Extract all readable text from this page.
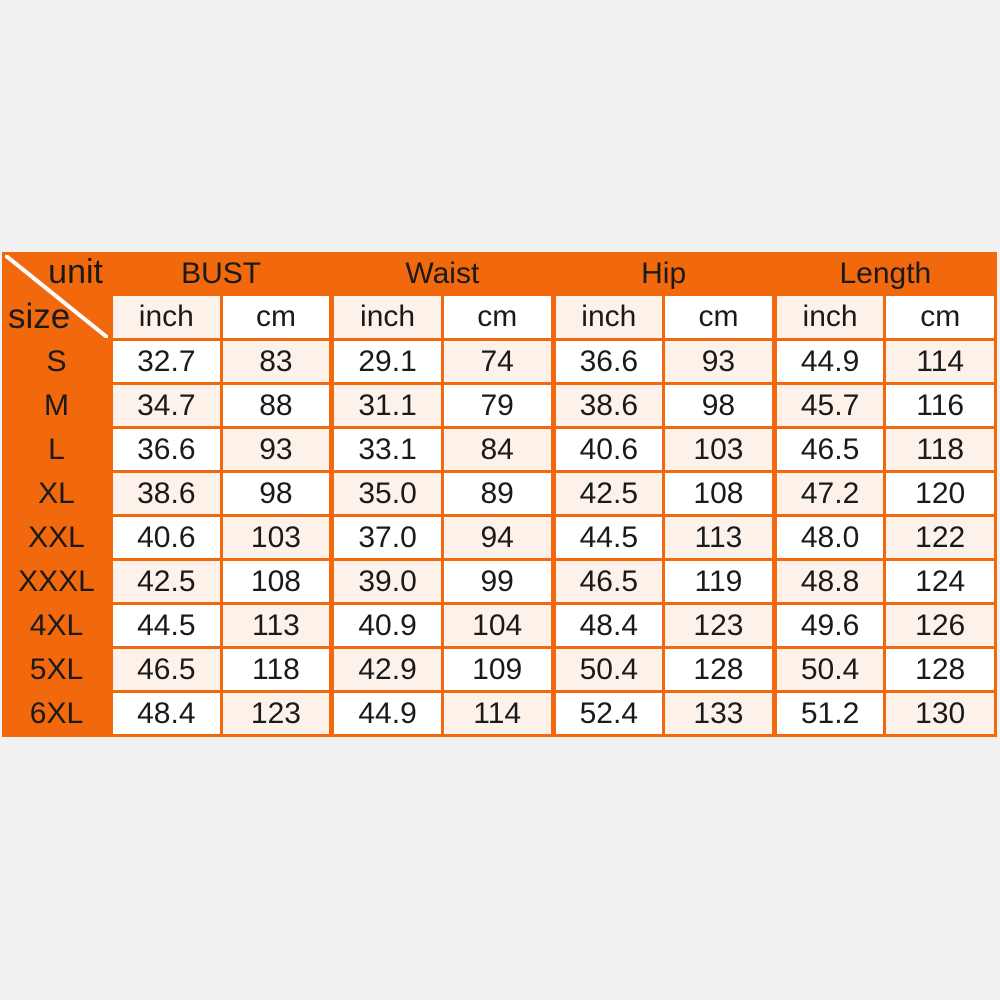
unit
size	BUST		Waist		Hip		Length	
	inch	cm	inch	cm	inch	cm	inch	cm
S	32.7	83	29.1	74	36.6	93	44.9	114
M	34.7	88	31.1	79	38.6	98	45.7	116
L	36.6	93	33.1	84	40.6	103	46.5	118
XL	38.6	98	35.0	89	42.5	108	47.2	120
XXL	40.6	103	37.0	94	44.5	113	48.0	122
XXXL	42.5	108	39.0	99	46.5	119	48.8	124
4XL	44.5	113	40.9	104	48.4	123	49.6	126
5XL	46.5	118	42.9	109	50.4	128	50.4	128
6XL	48.4	123	44.9	114	52.4	133	51.2	130
